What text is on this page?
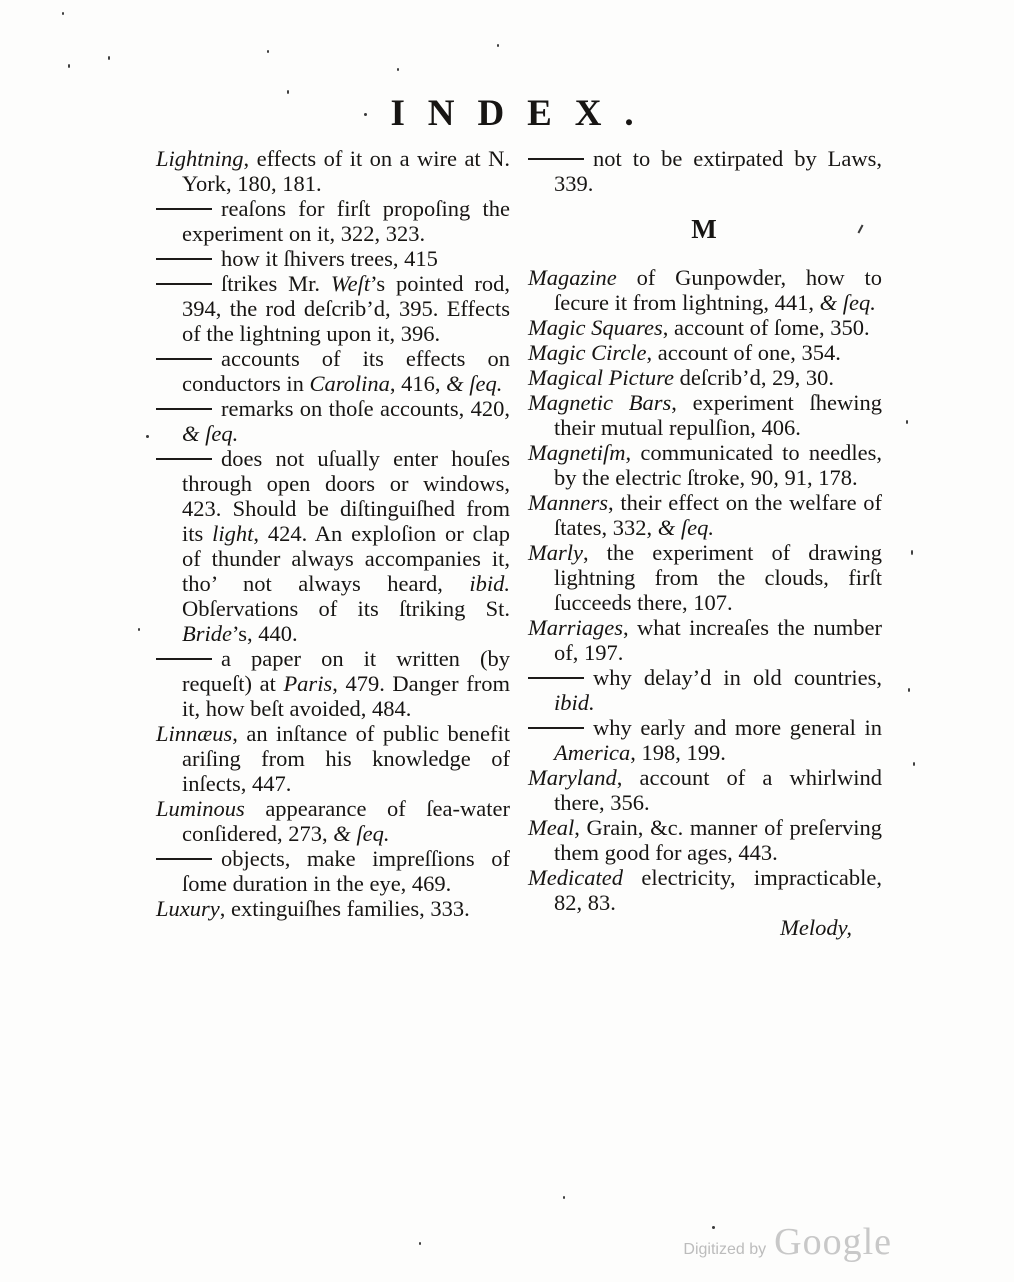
INDEX.

Lightning, effects of it on a wire at N. York, 180, 181.

reaſons for firſt propoſing the experiment on it, 322, 323.

how it ſhivers trees, 415

ſtrikes Mr. Weſt’s pointed rod, 394, the rod deſcrib’d, 395. Effects of the lightning upon it, 396.

accounts of its effects on conductors in Carolina, 416, & ſeq.

remarks on thoſe accounts, 420, & ſeq.

does not uſually enter houſes through open doors or windows, 423. Should be diſtinguiſhed from its light, 424. An exploſion or clap of thunder always accompanies it, tho’ not always heard, ibid. Obſervations of its ſtriking St. Bride’s, 440.

a paper on it written (by requeſt) at Paris, 479. Danger from it, how beſt avoided, 484.

Linnæus, an inſtance of public benefit ariſing from his knowledge of inſects, 447.

Luminous appearance of ſea-water conſidered, 273, & ſeq.

objects, make impreſſions of ſome duration in the eye, 469.

Luxury, extinguiſhes families, 333.

not to be extirpated by Laws, 339.

M

Magazine of Gunpowder, how to ſecure it from lightning, 441, & ſeq.

Magic Squares, account of ſome, 350.

Magic Circle, account of one, 354.

Magical Picture deſcrib’d, 29, 30.

Magnetic Bars, experiment ſhewing their mutual repulſion, 406.

Magnetiſm, communicated to needles, by the electric ſtroke, 90, 91, 178.

Manners, their effect on the welfare of ſtates, 332, & ſeq.

Marly, the experiment of drawing lightning from the clouds, firſt ſucceeds there, 107.

Marriages, what increaſes the number of, 197.

why delay’d in old countries, ibid.

why early and more general in America, 198, 199.

Maryland, account of a whirlwind there, 356.

Meal, Grain, &c. manner of preſerving them good for ages, 443.

Medicated electricity, impracticable, 82, 83.

Melody,

Digitized by Google
